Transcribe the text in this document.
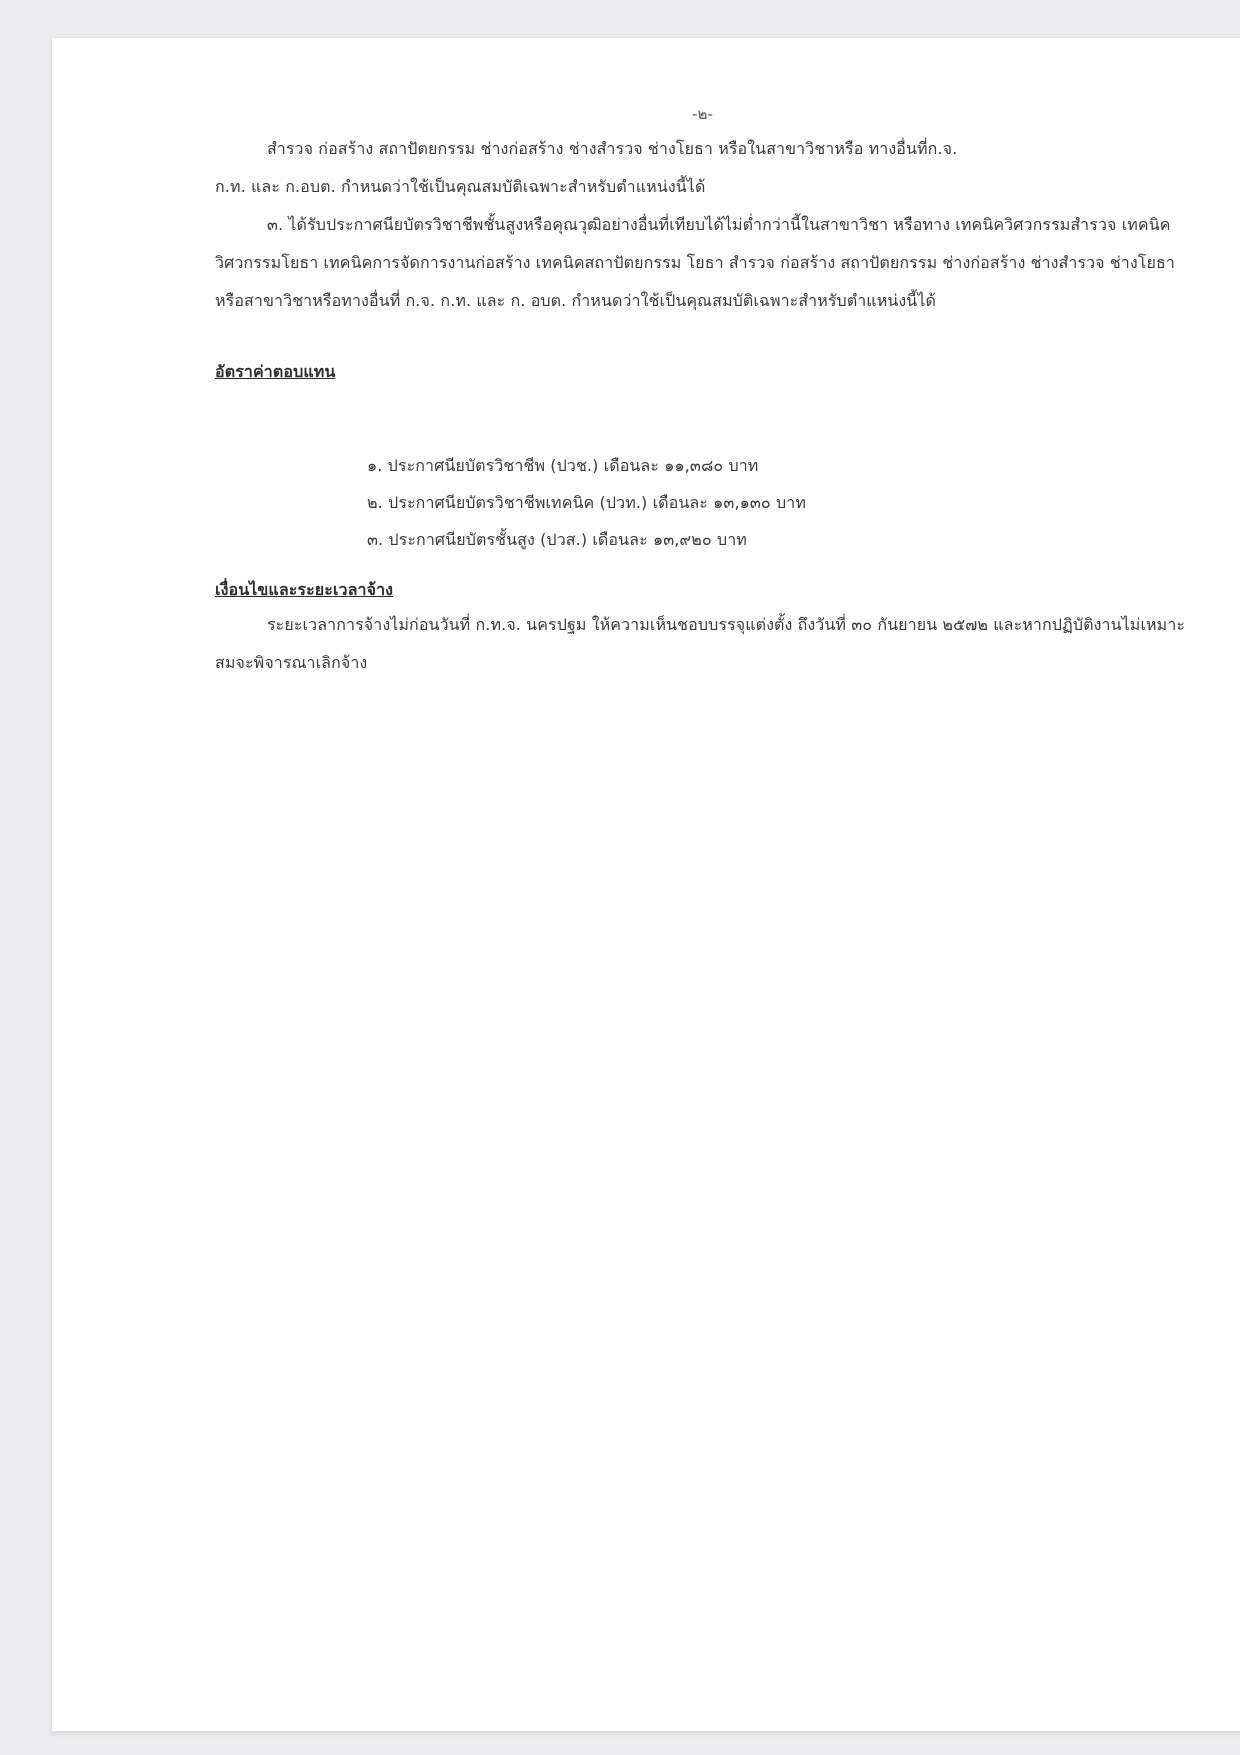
-๒-
สำรวจ ก่อสร้าง สถาปัตยกรรม ช่างก่อสร้าง ช่างสำรวจ ช่างโยธา หรือในสาขาวิชาหรือ ทางอื่นที่ก.จ.
ก.ท. และ ก.อบต. กำหนดว่าใช้เป็นคุณสมบัติเฉพาะสำหรับตำแหน่งนี้ได้
๓. ได้รับประกาศนียบัตรวิชาชีพชั้นสูงหรือคุณวุฒิอย่างอื่นที่เทียบได้ไม่ต่ำกว่านี้ในสาขาวิชา หรือทาง เทคนิควิศวกรรมสำรวจ เทคนิควิศวกรรมโยธา เทคนิคการจัดการงานก่อสร้าง เทคนิคสถาปัตยกรรม โยธา สำรวจ ก่อสร้าง สถาปัตยกรรม ช่างก่อสร้าง ช่างสำรวจ ช่างโยธา หรือสาขาวิชาหรือทางอื่นที่ ก.จ. ก.ท. และ ก. อบต. กำหนดว่าใช้เป็นคุณสมบัติเฉพาะสำหรับตำแหน่งนี้ได้
อัตราค่าตอบแทน
๑. ประกาศนียบัตรวิชาชีพ (ปวช.) เดือนละ ๑๑,๓๘๐ บาท
๒. ประกาศนียบัตรวิชาชีพเทคนิค (ปวท.) เดือนละ ๑๓,๑๓๐ บาท
๓. ประกาศนียบัตรชั้นสูง (ปวส.) เดือนละ ๑๓,๙๒๐ บาท
เงื่อนไขและระยะเวลาจ้าง
ระยะเวลาการจ้างไม่ก่อนวันที่ ก.ท.จ. นครปฐม ให้ความเห็นชอบบรรจุแต่งตั้ง ถึงวันที่ ๓๐ กันยายน ๒๕๗๒ และหากปฏิบัติงานไม่เหมาะสมจะพิจารณาเลิกจ้าง
